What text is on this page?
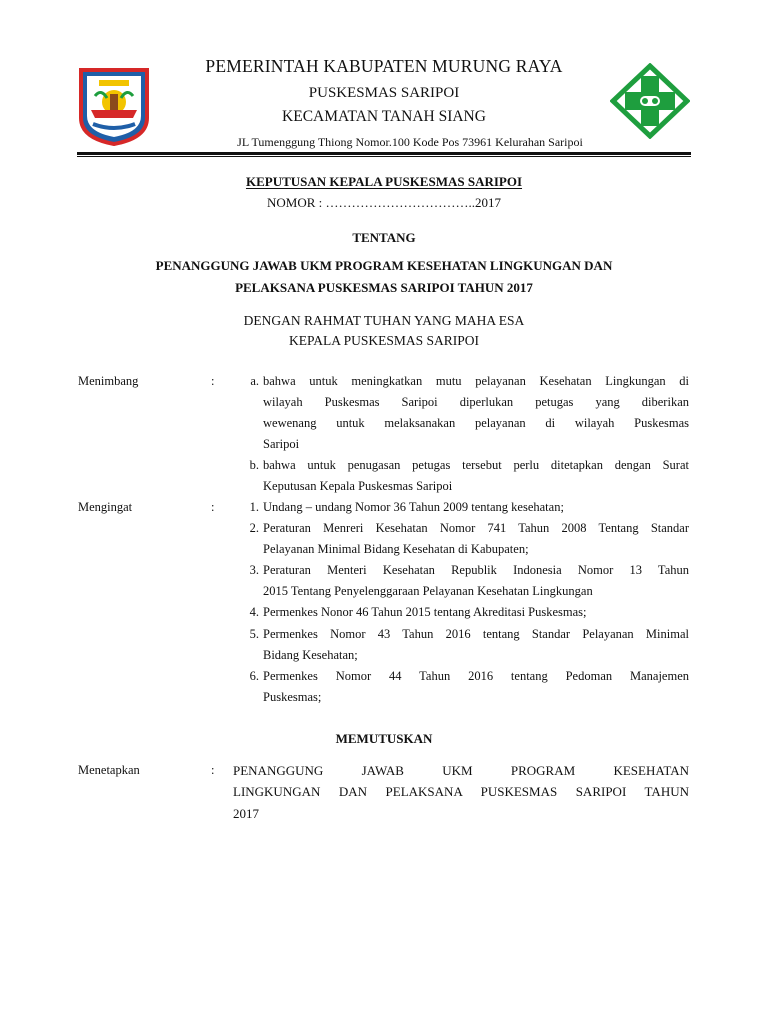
PEMERINTAH KABUPATEN MURUNG RAYA
PUSKESMAS SARIPOI
KECAMATAN TANAH SIANG
JL Tumenggung Thiong Nomor.100 Kode Pos 73961 Kelurahan Saripoi
KEPUTUSAN KEPALA PUSKESMAS SARIPOI
NOMOR : ……………………………..2017
TENTANG
PENANGGUNG JAWAB UKM PROGRAM KESEHATAN LINGKUNGAN DAN
PELAKSANA PUSKESMAS SARIPOI TAHUN 2017
DENGAN RAHMAT TUHAN YANG MAHA ESA
KEPALA PUSKESMAS SARIPOI
Menimbang	:	a. bahwa untuk meningkatkan mutu pelayanan Kesehatan Lingkungan di
wilayah Puskesmas Saripoi diperlukan petugas yang diberikan
wewenang untuk melaksanakan pelayanan di wilayah Puskesmas
Saripoi
b. bahwa untuk penugasan petugas tersebut perlu ditetapkan dengan Surat
Keputusan Kepala Puskesmas Saripoi
Mengingat	:	1. Undang – undang Nomor 36 Tahun 2009 tentang kesehatan;
2. Peraturan Menreri Kesehatan Nomor 741 Tahun 2008 Tentang Standar
Pelayanan Minimal Bidang Kesehatan di Kabupaten;
3. Peraturan Menteri Kesehatan Republik Indonesia Nomor 13 Tahun
2015 Tentang Penyelenggaraan Pelayanan Kesehatan Lingkungan
4. Permenkes Nonor 46 Tahun 2015 tentang Akreditasi Puskesmas;
5. Permenkes Nomor 43 Tahun 2016 tentang Standar Pelayanan Minimal
Bidang Kesehatan;
6. Permenkes Nomor 44 Tahun 2016 tentang Pedoman Manajemen
Puskesmas;
MEMUTUSKAN
Menetapkan	: PENANGGUNG JAWAB UKM PROGRAM KESEHATAN
LINGKUNGAN DAN PELAKSANA PUSKESMAS SARIPOI TAHUN
2017
